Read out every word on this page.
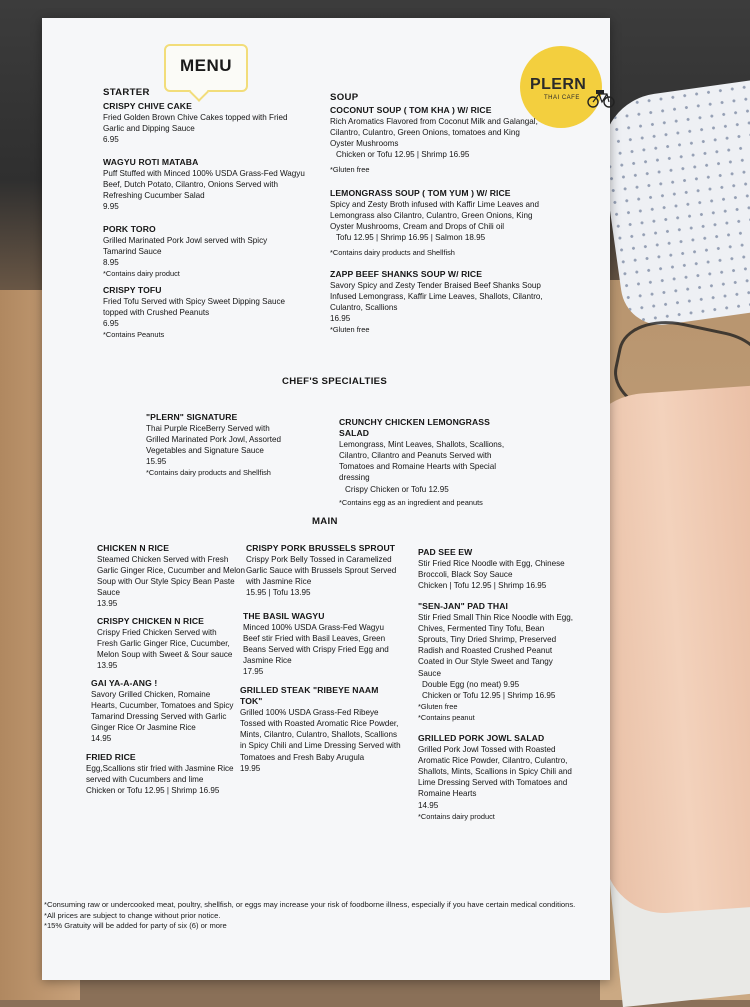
MENU
PLERN
THAI CAFE
STARTER	SOUP
CHEF'S SPECIALTIES
MAIN
CRISPY CHIVE CAKE
Fried Golden Brown Chive Cakes topped with Fried Garlic and Dipping Sauce
6.95
WAGYU ROTI MATABA
Puff Stuffed with Minced 100% USDA Grass-Fed Wagyu Beef, Dutch Potato, Cilantro, Onions Served with Refreshing Cucumber Salad
9.95
PORK TORO
Grilled Marinated Pork Jowl served with Spicy Tamarind Sauce
8.95
*Contains dairy product
CRISPY TOFU
Fried Tofu Served with Spicy Sweet Dipping Sauce topped with Crushed Peanuts
6.95
*Contains Peanuts
COCONUT SOUP ( TOM KHA ) W/ RICE
Rich Aromatics Flavored from Coconut Milk and Galangal, Cilantro, Culantro, Green Onions, tomatoes and King Oyster Mushrooms
Chicken or Tofu 12.95 | Shrimp 16.95
*Gluten free
LEMONGRASS SOUP ( TOM YUM ) W/ RICE
Spicy and Zesty Broth infused with Kaffir Lime Leaves and Lemongrass also Cilantro, Culantro, Green Onions, King Oyster Mushrooms, Cream and Drops of Chili oil
Tofu 12.95 | Shrimp 16.95 | Salmon 18.95
*Contains dairy products and Shellfish
ZAPP BEEF SHANKS SOUP W/ RICE
Savory Spicy and Zesty Tender Braised Beef Shanks Soup Infused Lemongrass, Kaffir Lime Leaves, Shallots, Cilantro, Culantro, Scallions
16.95
*Gluten free
"PLERN" SIGNATURE
Thai Purple RiceBerry Served with Grilled Marinated Pork Jowl, Assorted Vegetables and Signature Sauce
15.95
*Contains dairy products and Shellfish
CRUNCHY CHICKEN LEMONGRASS SALAD
Lemongrass, Mint Leaves, Shallots, Scallions, Cilantro, Cilantro and Peanuts Served with Tomatoes and Romaine Hearts with Special dressing
Crispy Chicken or Tofu 12.95
*Contains egg as an ingredient and peanuts
CHICKEN N RICE
Steamed Chicken Served with Fresh Garlic Ginger Rice, Cucumber and Melon Soup with Our Style Spicy Bean Paste Sauce
13.95
CRISPY CHICKEN N RICE
Crispy Fried Chicken Served with Fresh Garlic Ginger Rice, Cucumber, Melon Soup with Sweet & Sour sauce
13.95
GAI YA-A-ANG !
Savory Grilled Chicken, Romaine Hearts, Cucumber, Tomatoes and Spicy Tamarind Dressing Served with Garlic Ginger Rice Or Jasmine Rice
14.95
FRIED RICE
Egg,Scallions stir fried with Jasmine Rice served with Cucumbers and lime
Chicken or Tofu 12.95 | Shrimp 16.95
CRISPY PORK BRUSSELS SPROUT
Crispy Pork Belly Tossed in Caramelized Garlic Sauce with Brussels Sprout Served with Jasmine Rice
15.95 | Tofu 13.95
THE BASIL WAGYU
Minced 100% USDA Grass-Fed Wagyu Beef stir Fried with Basil Leaves, Green Beans Served with Crispy Fried Egg and Jasmine Rice
17.95
GRILLED STEAK "RIBEYE NAAM TOK"
Grilled 100% USDA Grass-Fed Ribeye Tossed with Roasted Aromatic Rice Powder, Mints, Cilantro, Culantro, Shallots, Scallions in Spicy Chili and Lime Dressing Served with Tomatoes and Fresh Baby Arugula
19.95
PAD SEE EW
Stir Fried Rice Noodle with Egg, Chinese Broccoli, Black Soy Sauce
Chicken | Tofu 12.95 | Shrimp 16.95
"SEN-JAN" PAD THAI
Stir Fried Small Thin Rice Noodle with Egg, Chives, Fermented Tiny Tofu, Bean Sprouts, Tiny Dried Shrimp, Preserved Radish and Roasted Crushed Peanut Coated in Our Style Sweet and Tangy Sauce
Double Egg (no meat) 9.95
Chicken or Tofu 12.95 | Shrimp 16.95
*Gluten free
*Contains peanut
GRILLED PORK JOWL SALAD
Grilled Pork Jowl Tossed with Roasted Aromatic Rice Powder, Cilantro, Culantro, Shallots, Mints, Scallions in Spicy Chili and Lime Dressing Served with Tomatoes and Romaine Hearts
14.95
*Contains dairy product
*Consuming raw or undercooked meat, poultry, shellfish, or eggs may increase your risk of foodborne illness, especially if you have certain medical conditions.
*All prices are subject to change without prior notice.
*15% Gratuity will be added for party of six (6) or more
